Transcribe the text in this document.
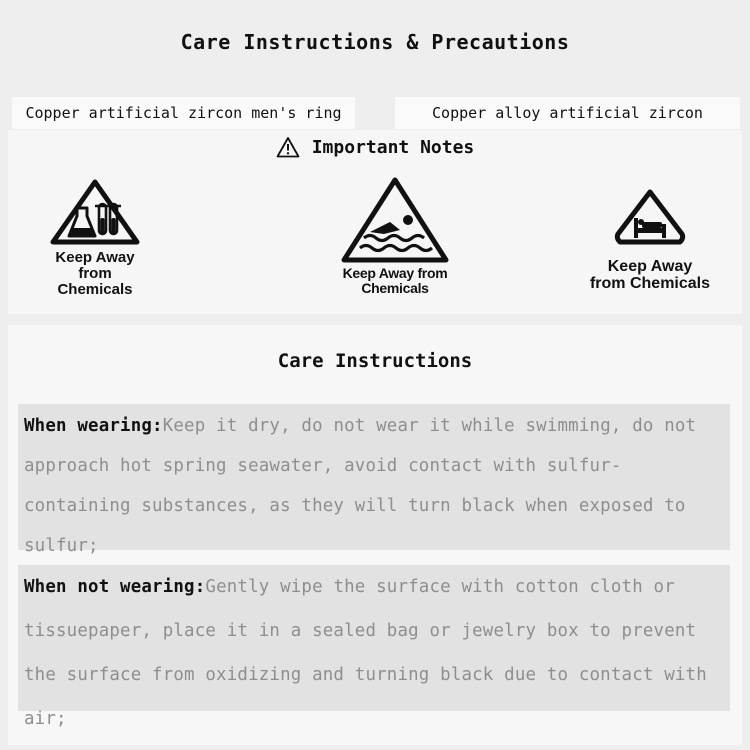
Care Instructions & Precautions
Copper artificial zircon men's ring	Copper alloy artificial zircon
Important Notes
Keep Away
from
Chemicals
Keep Away from
Chemicals
Keep Away
from Chemicals
Care Instructions
When wearing:Keep it dry, do not wear it while swimming, do not approach hot spring seawater, avoid contact with sulfur-containing substances, as they will turn black when exposed to sulfur;
When not wearing:Gently wipe the surface with cotton cloth or tissuepaper, place it in a sealed bag or jewelry box to prevent the surface from oxidizing and turning black due to contact with air;
